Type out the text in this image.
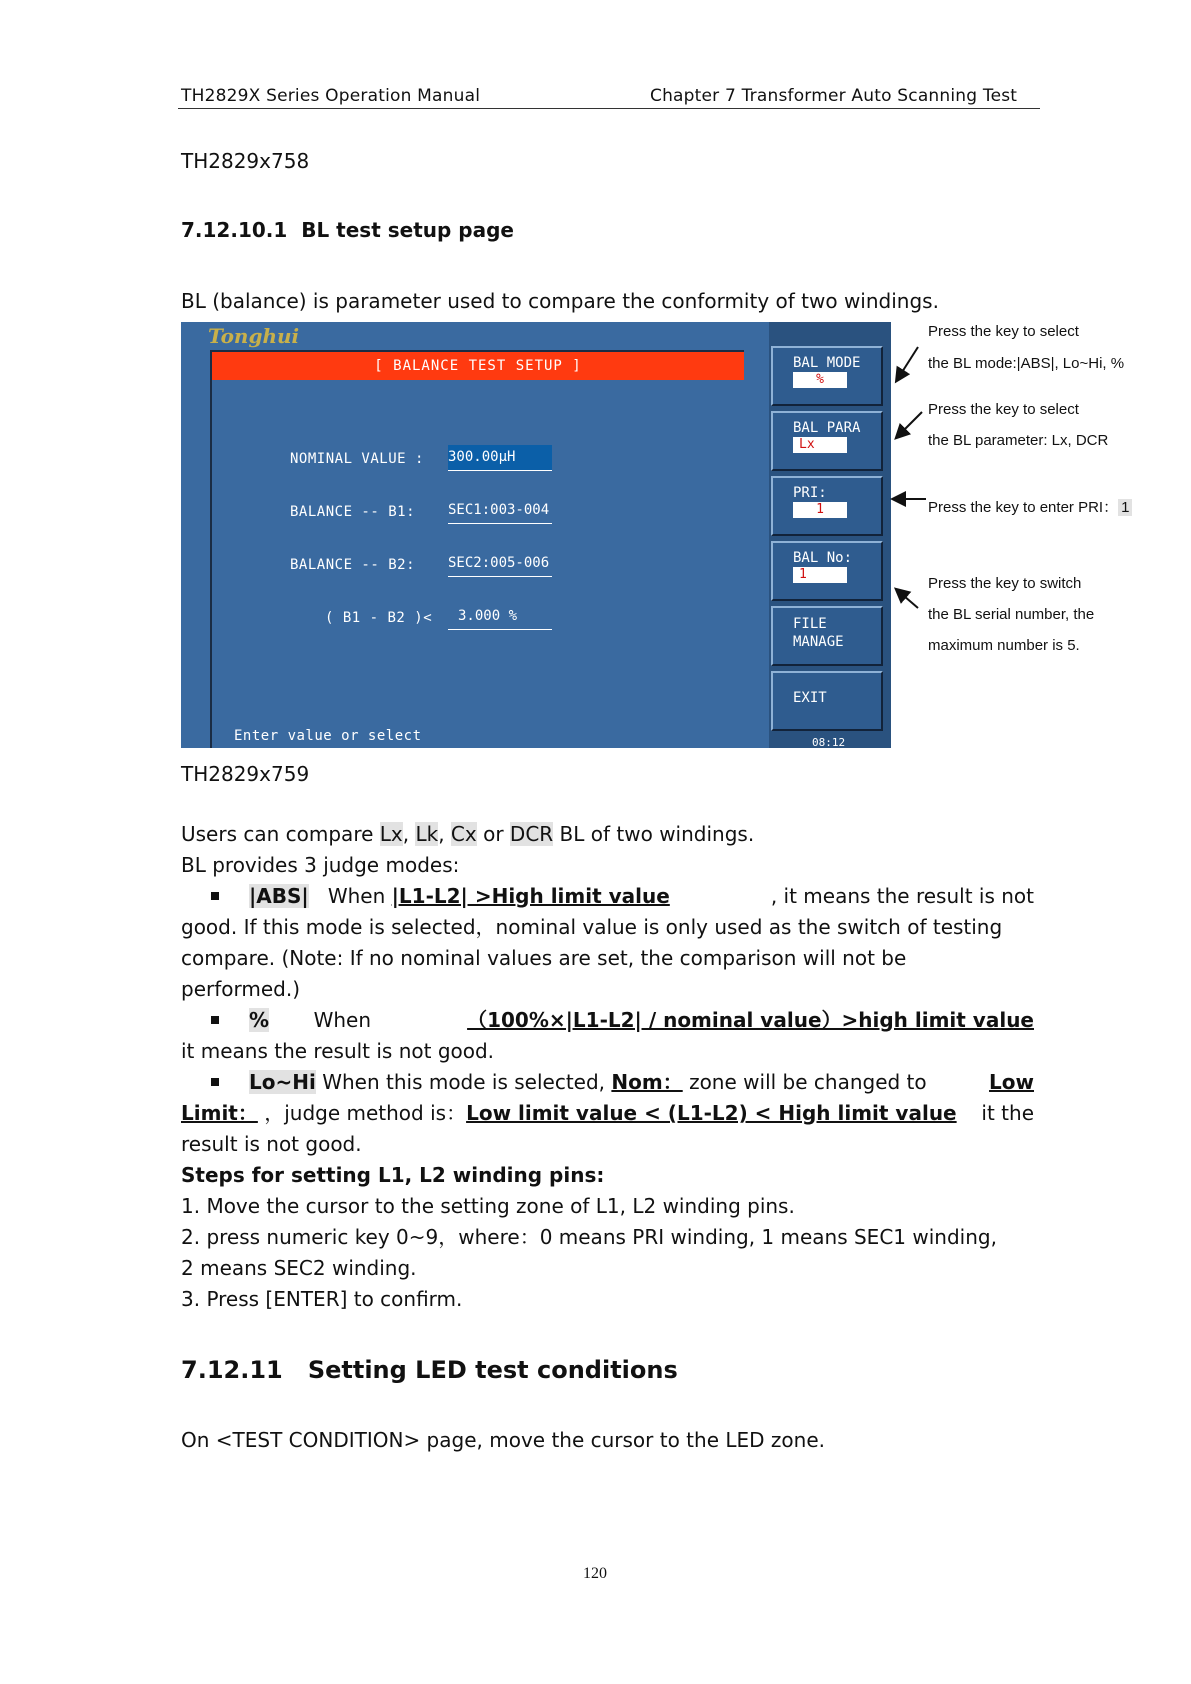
TH2829X Series Operation Manual	Chapter 7 Transformer Auto Scanning Test
TH2829x758
7.12.10.1 BL test setup page
BL (balance) is parameter used to compare the conformity of two windings.
Tonghui
[ BALANCE TEST SETUP ]
NOMINAL VALUE : 300.00μH
BALANCE -- B1: SEC1:003-004
BALANCE -- B2: SEC2:005-006
( B1 - B2 )<	3.000 %
Enter value or select
BAL MODE
%
BAL PARA
Lx
PRI:
1
BAL No:
1
FILE
MANAGE
EXIT
08:12
Press the key to select
the BL mode:|ABS|, Lo~Hi, %
Press the key to select
the BL parameter: Lx, DCR
Press the key to enter PRI： 1
Press the key to switch
the BL serial number, the
maximum number is 5.
TH2829x759
Users can compare Lx, Lk, Cx or DCR BL of two windings.
BL provides 3 judge modes:
|ABS| When |L1-L2| >High limit value	, it means the result is not
good. If this mode is selected，nominal value is only used as the switch of testing
compare. (Note: If no nominal values are set, the comparison will not be
performed.)
% When	（100%×|L1-L2| / nominal value）>high limit value
it means the result is not good.
Lo~Hi When this mode is selected, Nom： zone will be changed to	Low
Limit： ，judge method is：Low limit value < (L1-L2) < High limit value it the
result is not good.
Steps for setting L1, L2 winding pins:
1. Move the cursor to the setting zone of L1, L2 winding pins.
2. press numeric key 0~9，where：0 means PRI winding, 1 means SEC1 winding,
2 means SEC2 winding.
3. Press [ENTER] to confirm.
7.12.11 Setting LED test conditions
On <TEST CONDITION> page, move the cursor to the LED zone.
120
